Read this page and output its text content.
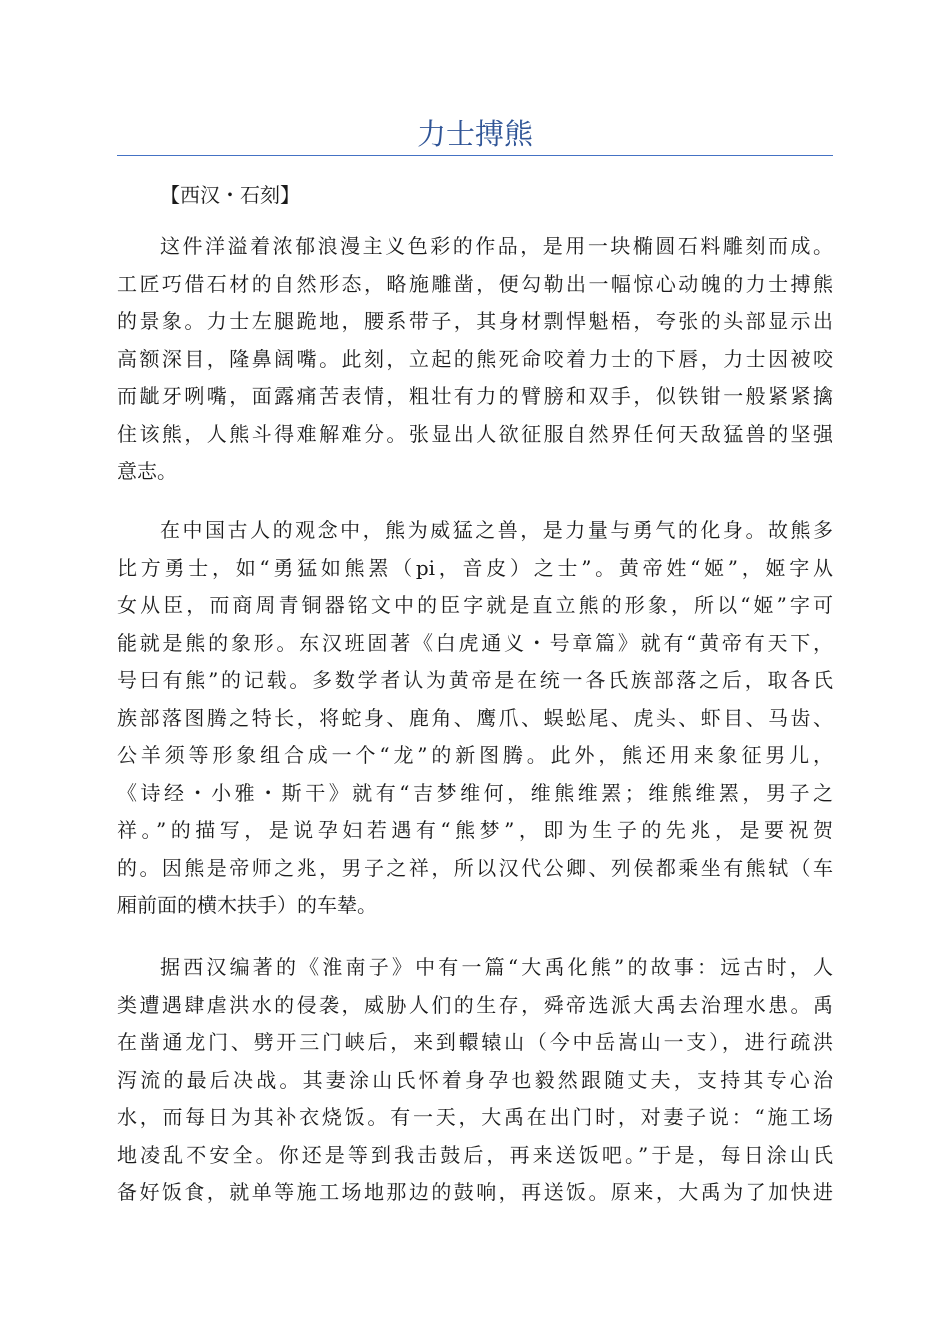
力士搏熊
【西汉・石刻】
这件洋溢着浓郁浪漫主义色彩的作品，是用一块椭圆石料雕刻而成。
工匠巧借石材的自然形态，略施雕凿，便勾勒出一幅惊心动魄的力士搏熊
的景象。力士左腿跪地，腰系带子，其身材剽悍魁梧，夸张的头部显示出
高额深目，隆鼻阔嘴。此刻，立起的熊死命咬着力士的下唇，力士因被咬
而龇牙咧嘴，面露痛苦表情，粗壮有力的臂膀和双手，似铁钳一般紧紧擒
住该熊，人熊斗得难解难分。张显出人欲征服自然界任何天敌猛兽的坚强
意志。
在中国古人的观念中，熊为威猛之兽，是力量与勇气的化身。故熊多
比方勇士，如“勇猛如熊罴（pi，音皮）之士”。黄帝姓“姬”，姬字从
女从臣，而商周青铜器铭文中的臣字就是直立熊的形象，所以“姬”字可
能就是熊的象形。东汉班固著《白虎通义・号章篇》就有“黄帝有天下，
号曰有熊”的记载。多数学者认为黄帝是在统一各氏族部落之后，取各氏
族部落图腾之特长，将蛇身、鹿角、鹰爪、蜈蚣尾、虎头、虾目、马齿、
公羊须等形象组合成一个“龙”的新图腾。此外，熊还用来象征男儿，
《诗经・小雅・斯干》就有“吉梦维何，维熊维罴；维熊维罴，男子之
祥。”的描写，是说孕妇若遇有“熊梦”，即为生子的先兆，是要祝贺
的。因熊是帝师之兆，男子之祥，所以汉代公卿、列侯都乘坐有熊轼（车
厢前面的横木扶手）的车辇。
据西汉编著的《淮南子》中有一篇“大禹化熊”的故事：远古时，人
类遭遇肆虐洪水的侵袭，威胁人们的生存，舜帝选派大禹去治理水患。禹
在凿通龙门、劈开三门峡后，来到轘辕山（今中岳嵩山一支），进行疏洪
泻流的最后决战。其妻涂山氏怀着身孕也毅然跟随丈夫，支持其专心治
水，而每日为其补衣烧饭。有一天，大禹在出门时，对妻子说：“施工场
地凌乱不安全。你还是等到我击鼓后，再来送饭吧。”于是，每日涂山氏
备好饭食，就单等施工场地那边的鼓响，再送饭。原来，大禹为了加快进
